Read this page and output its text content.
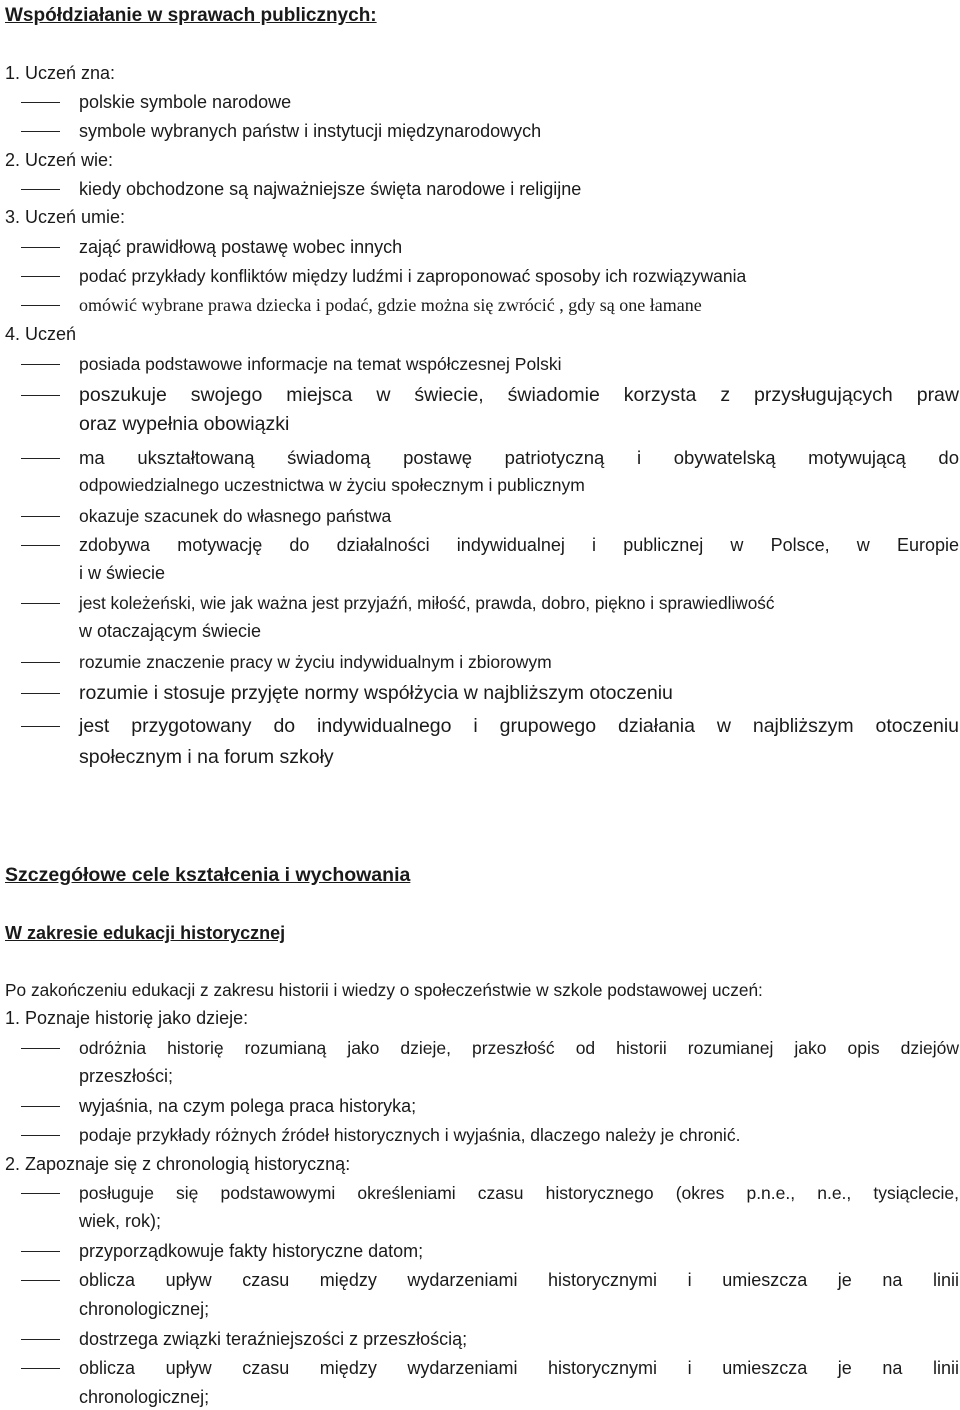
Współdziałanie w sprawach publicznych:
1. Uczeń zna:
polskie symbole narodowe
symbole wybranych państw i instytucji międzynarodowych
2. Uczeń wie:
kiedy obchodzone są najważniejsze święta narodowe i religijne
3. Uczeń umie:
zająć prawidłową postawę wobec innych
podać przykłady konfliktów między ludźmi i zaproponować sposoby ich rozwiązywania
omówić wybrane prawa dziecka i podać, gdzie można się zwrócić , gdy są one łamane
4. Uczeń
posiada podstawowe informacje na temat współczesnej Polski
poszukuje swojego miejsca w świecie, świadomie korzysta z przysługujących praw
oraz wypełnia obowiązki
ma ukształtowaną świadomą postawę patriotyczną i obywatelską motywującą do
odpowiedzialnego uczestnictwa w życiu społecznym i publicznym
okazuje szacunek do własnego państwa
zdobywa motywację do działalności indywidualnej i publicznej w Polsce, w Europie
i w świecie
jest koleżeński, wie jak ważna jest przyjaźń, miłość, prawda, dobro, piękno i sprawiedliwość
w otaczającym świecie
rozumie znaczenie pracy w życiu indywidualnym i zbiorowym
rozumie i stosuje przyjęte normy współżycia w najbliższym otoczeniu
jest przygotowany do indywidualnego i grupowego działania w najbliższym otoczeniu
społecznym i na forum szkoły
Szczegółowe cele kształcenia i wychowania
W zakresie edukacji historycznej
Po zakończeniu edukacji z zakresu historii i wiedzy o społeczeństwie w szkole podstawowej uczeń:
1. Poznaje historię jako dzieje:
odróżnia historię rozumianą jako dzieje, przeszłość od historii rozumianej jako opis dziejów
przeszłości;
wyjaśnia, na czym polega praca historyka;
podaje przykłady różnych źródeł historycznych i wyjaśnia, dlaczego należy je chronić.
2. Zapoznaje się z chronologią historyczną:
posługuje się podstawowymi określeniami czasu historycznego (okres p.n.e., n.e., tysiąclecie,
wiek, rok);
przyporządkowuje fakty historyczne datom;
oblicza upływ czasu między wydarzeniami historycznymi i umieszcza je na linii
chronologicznej;
dostrzega związki teraźniejszości z przeszłością;
oblicza upływ czasu między wydarzeniami historycznymi i umieszcza je na linii
chronologicznej;
